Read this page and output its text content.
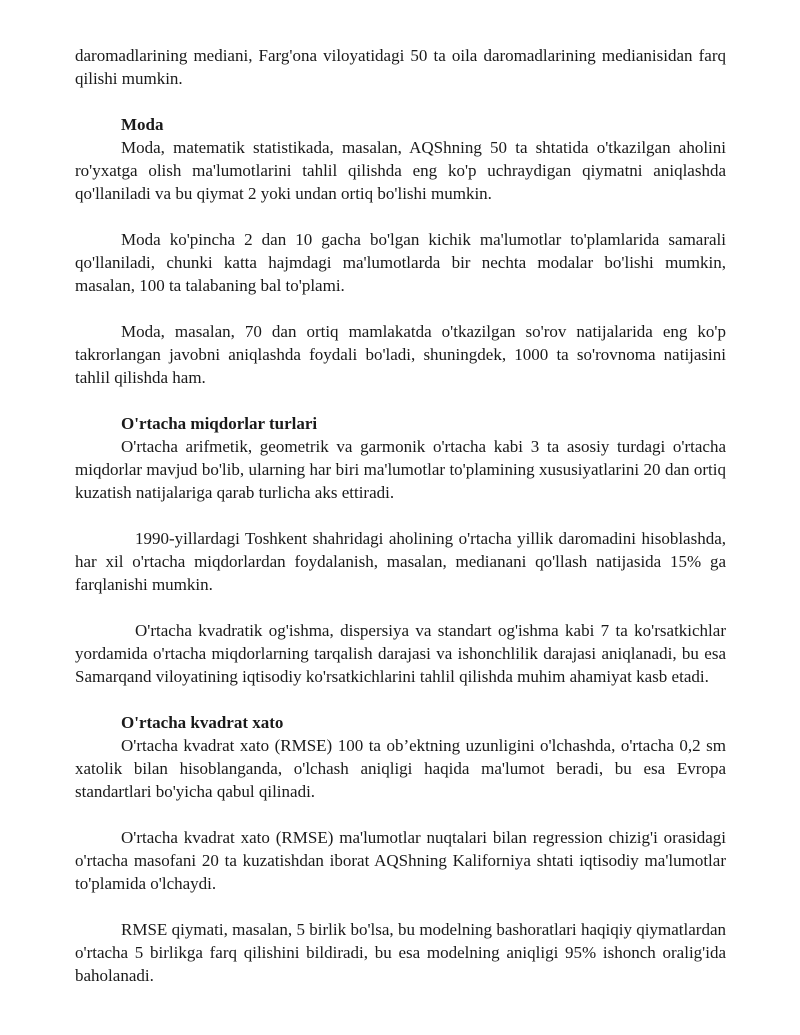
daromadlarining mediani, Farg'ona viloyatidagi 50 ta oila daromadlarining medianisidan farq qilishi mumkin.

Moda

Moda, matematik statistikada, masalan, AQShning 50 ta shtatida o'tkazilgan aholini ro'yxatga olish ma'lumotlarini tahlil qilishda eng ko'p uchraydigan qiymatni aniqlashda qo'llaniladi va bu qiymat 2 yoki undan ortiq bo'lishi mumkin.

Moda ko'pincha 2 dan 10 gacha bo'lgan kichik ma'lumotlar to'plamlarida samarali qo'llaniladi, chunki katta hajmdagi ma'lumotlarda bir nechta modalar bo'lishi mumkin, masalan, 100 ta talabaning bal to'plami.

Moda, masalan, 70 dan ortiq mamlakatda o'tkazilgan so'rov natijalarida eng ko'p takrorlangan javobni aniqlashda foydali bo'ladi, shuningdek, 1000 ta so'rovnoma natijasini tahlil qilishda ham.

O'rtacha miqdorlar turlari

O'rtacha arifmetik, geometrik va garmonik o'rtacha kabi 3 ta asosiy turdagi o'rtacha miqdorlar mavjud bo'lib, ularning har biri ma'lumotlar to'plamining xususiyatlarini 20 dan ortiq kuzatish natijalariga qarab turlicha aks ettiradi.

1990-yillardagi Toshkent shahridagi aholining o'rtacha yillik daromadini hisoblashda, har xil o'rtacha miqdorlardan foydalanish, masalan, medianani qo'llash natijasida 15% ga farqlanishi mumkin.

O'rtacha kvadratik og'ishma, dispersiya va standart og'ishma kabi 7 ta ko'rsatkichlar yordamida o'rtacha miqdorlarning tarqalish darajasi va ishonchlilik darajasi aniqlanadi, bu esa Samarqand viloyatining iqtisodiy ko'rsatkichlarini tahlil qilishda muhim ahamiyat kasb etadi.

O'rtacha kvadrat xato

O'rtacha kvadrat xato (RMSE) 100 ta ob’ektning uzunligini o'lchashda, o'rtacha 0,2 sm xatolik bilan hisoblanganda, o'lchash aniqligi haqida ma'lumot beradi, bu esa Evropa standartlari bo'yicha qabul qilinadi.

O'rtacha kvadrat xato (RMSE) ma'lumotlar nuqtalari bilan regression chizig'i orasidagi o'rtacha masofani 20 ta kuzatishdan iborat AQShning Kaliforniya shtati iqtisodiy ma'lumotlar to'plamida o'lchaydi.

RMSE qiymati, masalan, 5 birlik bo'lsa, bu modelning bashoratlari haqiqiy qiymatlardan o'rtacha 5 birlikga farq qilishini bildiradi, bu esa modelning aniqligi 95% ishonch oralig'ida baholanadi.
